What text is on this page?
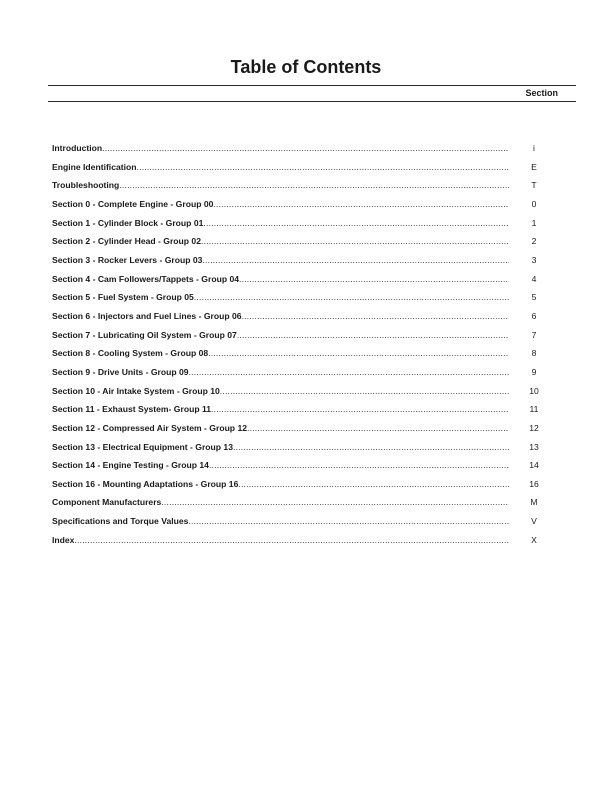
Table of Contents
Section
Introduction .....	i
Engine Identification .....	E
Troubleshooting .....	T
Section 0 - Complete Engine - Group 00 .....	0
Section 1 - Cylinder Block - Group 01 .....	1
Section 2 - Cylinder Head - Group 02 .....	2
Section 3 - Rocker Levers - Group 03 .....	3
Section 4 - Cam Followers/Tappets - Group 04 .....	4
Section 5 - Fuel System - Group 05 .....	5
Section 6 - Injectors and Fuel Lines - Group 06 .....	6
Section 7 - Lubricating Oil System - Group 07 .....	7
Section 8 - Cooling System - Group 08 .....	8
Section 9 - Drive Units - Group 09 .....	9
Section 10 - Air Intake System - Group 10 .....	10
Section 11 - Exhaust System- Group 11 .....	11
Section 12 - Compressed Air System - Group 12 .....	12
Section 13 - Electrical Equipment - Group 13 .....	13
Section 14 - Engine Testing - Group 14 .....	14
Section 16 - Mounting Adaptations - Group 16 .....	16
Component Manufacturers .....	M
Specifications and Torque Values .....	V
Index .....	X
